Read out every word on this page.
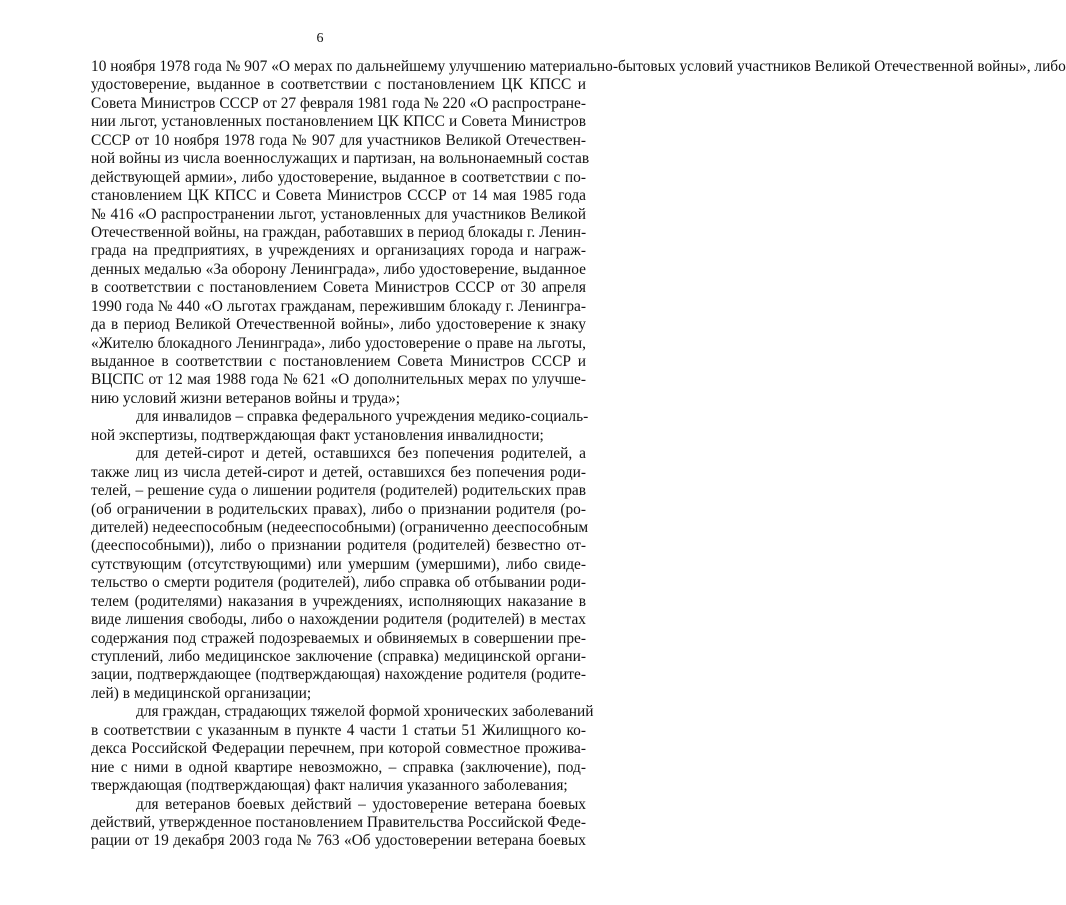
6
10 ноября 1978 года № 907 «О мерах по дальнейшему улучшению материально-бытовых условий участников Великой Отечественной войны», либо
удостоверение, выданное в соответствии с постановлением ЦК КПСС и
Совета Министров СССР от 27 февраля 1981 года № 220 «О распростране-
нии льгот, установленных постановлением ЦК КПСС и Совета Министров
СССР от 10 ноября 1978 года № 907 для участников Великой Отечествен-
ной войны из числа военнослужащих и партизан, на вольнонаемный состав
действующей армии», либо удостоверение, выданное в соответствии с по-
становлением ЦК КПСС и Совета Министров СССР от 14 мая 1985 года
№ 416 «О распространении льгот, установленных для участников Великой
Отечественной войны, на граждан, работавших в период блокады г. Ленин-
града на предприятиях, в учреждениях и организациях города и награж-
денных медалью «За оборону Ленинграда», либо удостоверение, выданное
в соответствии с постановлением Совета Министров СССР от 30 апреля
1990 года № 440 «О льготах гражданам, пережившим блокаду г. Ленингра-
да в период Великой Отечественной войны», либо удостоверение к знаку
«Жителю блокадного Ленинграда», либо удостоверение о праве на льготы,
выданное в соответствии с постановлением Совета Министров СССР и
ВЦСПС от 12 мая 1988 года № 621 «О дополнительных мерах по улучше-
нию условий жизни ветеранов войны и труда»;
для инвалидов – справка федерального учреждения медико-социаль-
ной экспертизы, подтверждающая факт установления инвалидности;
для детей-сирот и детей, оставшихся без попечения родителей, а
также лиц из числа детей-сирот и детей, оставшихся без попечения роди-
телей, – решение суда о лишении родителя (родителей) родительских прав
(об ограничении в родительских правах), либо о признании родителя (ро-
дителей) недееспособным (недееспособными) (ограниченно дееспособным
(дееспособными)), либо о признании родителя (родителей) безвестно от-
сутствующим (отсутствующими) или умершим (умершими), либо свиде-
тельство о смерти родителя (родителей), либо справка об отбывании роди-
телем (родителями) наказания в учреждениях, исполняющих наказание в
виде лишения свободы, либо о нахождении родителя (родителей) в местах
содержания под стражей подозреваемых и обвиняемых в совершении пре-
ступлений, либо медицинское заключение (справка) медицинской органи-
зации, подтверждающее (подтверждающая) нахождение родителя (родите-
лей) в медицинской организации;
для граждан, страдающих тяжелой формой хронических заболеваний
в соответствии с указанным в пункте 4 части 1 статьи 51 Жилищного ко-
декса Российской Федерации перечнем, при которой совместное прожива-
ние с ними в одной квартире невозможно, – справка (заключение), под-
тверждающая (подтверждающая) факт наличия указанного заболевания;
для ветеранов боевых действий – удостоверение ветерана боевых
действий, утвержденное постановлением Правительства Российской Феде-
рации от 19 декабря 2003 года № 763 «Об удостоверении ветерана боевых
